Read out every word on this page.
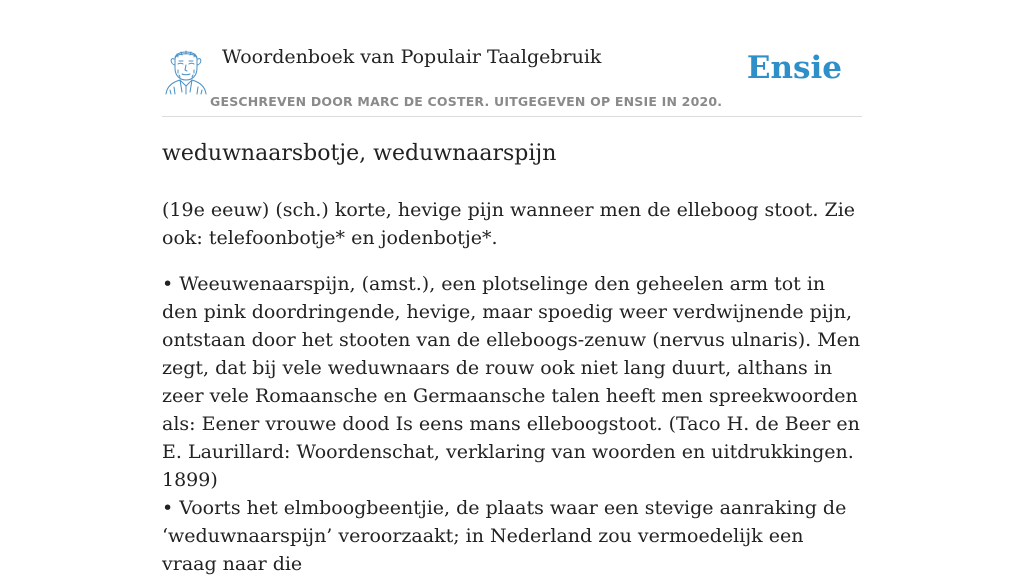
Woordenboek van Populair Taalgebruik
GESCHREVEN DOOR MARC DE COSTER. UITGEGEVEN OP ENSIE IN 2020.
Ensie
weduwnaarsbotje, weduwnaarspijn

(19e eeuw) (sch.) korte, hevige pijn wanneer men de elleboog stoot. Zie ook: telefoonbotje* en jodenbotje*.

• Weeuwenaarspijn, (amst.), een plotselinge den geheelen arm tot in den pink doordringende, hevige, maar spoedig weer verdwijnende pijn, ontstaan door het stooten van de elleboogs-zenuw (nervus ulnaris). Men zegt, dat bij vele weduwnaars de rouw ook niet lang duurt, althans in zeer vele Romaansche en Germaansche talen heeft men spreekwoorden als: Eener vrouwe dood Is eens mans elleboogstoot. (Taco H. de Beer en E. Laurillard: Woordenschat, verklaring van woorden en uitdrukkingen. 1899)

• Voorts het elmboogbeentjie, de plaats waar een stevige aanraking de ‘weduwnaarspijn’ veroorzaakt; in Nederland zou vermoedelijk een vraag naar die
